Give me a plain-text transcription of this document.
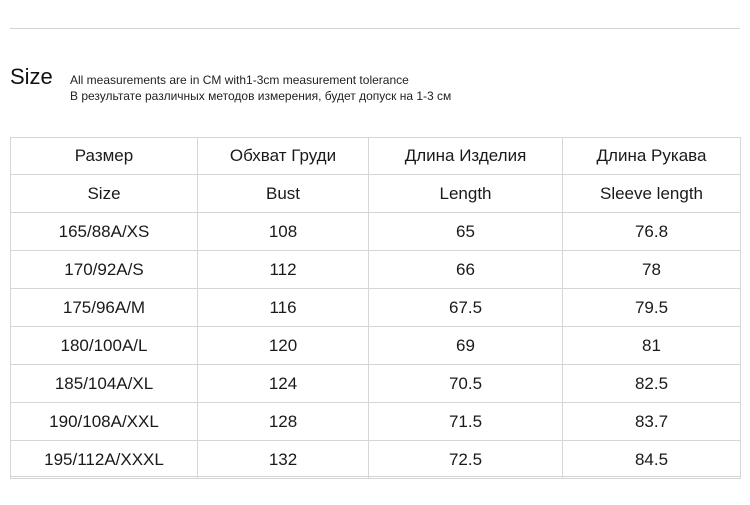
Size All measurements are in CM with1-3cm measurement tolerance
В результате различных методов измерения, будет допуск на 1-3 см
Размер	Обхват Груди	Длина Изделия	Длина Рукава
Size	Bust	Length	Sleeve length
165/88A/XS	108	65	76.8
170/92A/S	112	66	78
175/96A/M	116	67.5	79.5
180/100A/L	120	69	81
185/104A/XL	124	70.5	82.5
190/108A/XXL	128	71.5	83.7
195/112A/XXXL	132	72.5	84.5
